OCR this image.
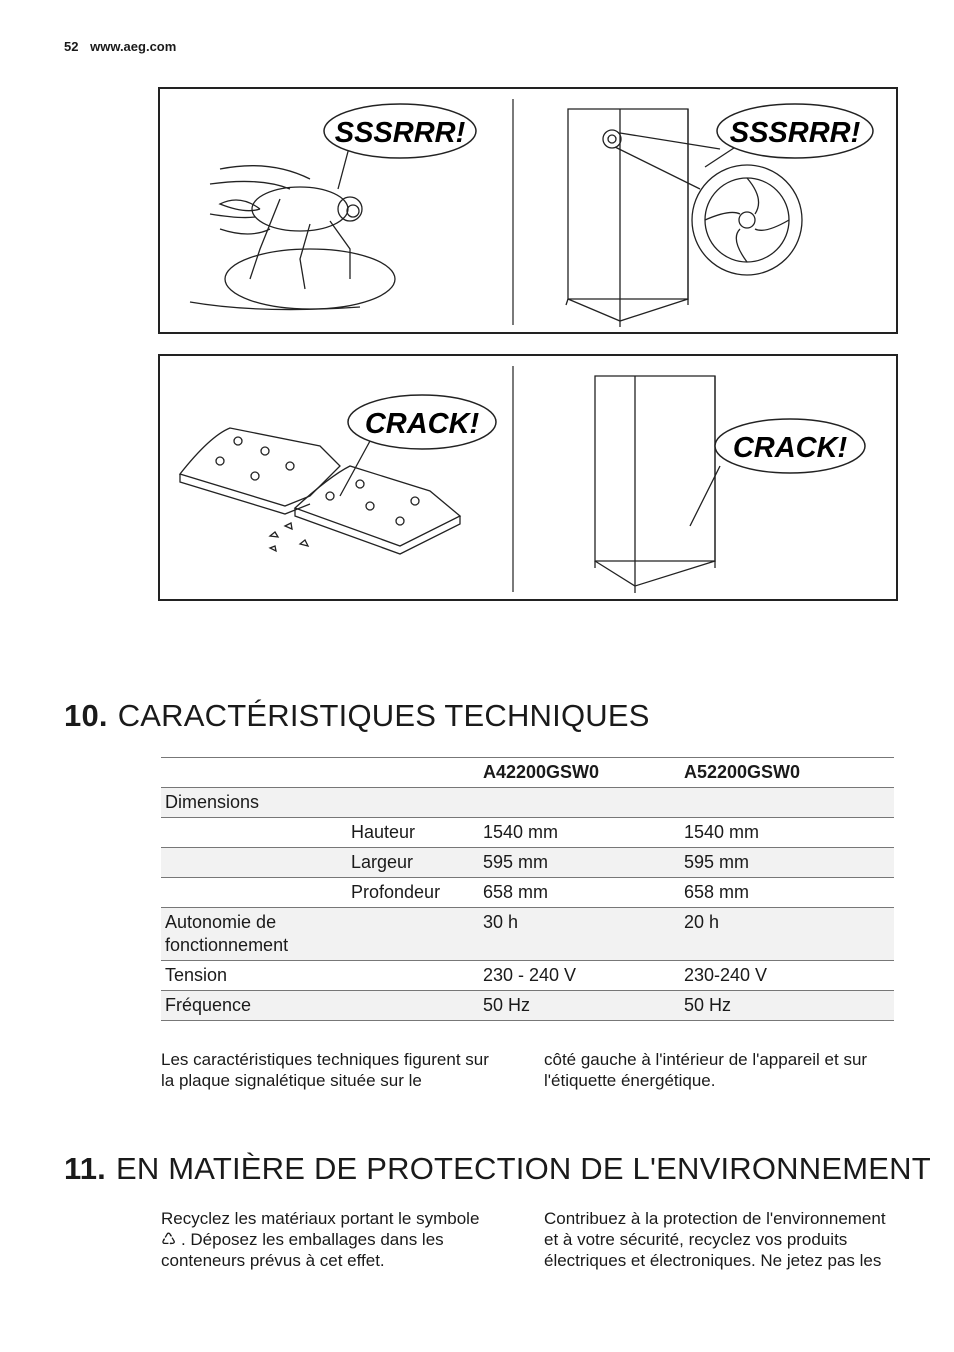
52 www.aeg.com
SSSRRR!	SSSRRR!
CRACK!
CRACK!
10. CARACTÉRISTIQUES TECHNIQUES
		A42200GSW0	A52200GSW0
Dimensions			
	Hauteur	1540 mm	1540 mm
	Largeur	595 mm	595 mm
	Profondeur	658 mm	658 mm
Autonomie de fonctionnement		30 h	20 h
Tension		230 - 240 V	230-240 V
Fréquence		50 Hz	50 Hz
Les caractéristiques techniques figurent sur la plaque signalétique située sur le
côté gauche à l'intérieur de l'appareil et sur l'étiquette énergétique.
11. EN MATIÈRE DE PROTECTION DE L'ENVIRONNEMENT
Recyclez les matériaux portant le symbole ♺ . Déposez les emballages dans les conteneurs prévus à cet effet.
Contribuez à la protection de l'environnement et à votre sécurité, recyclez vos produits électriques et électroniques. Ne jetez pas les
